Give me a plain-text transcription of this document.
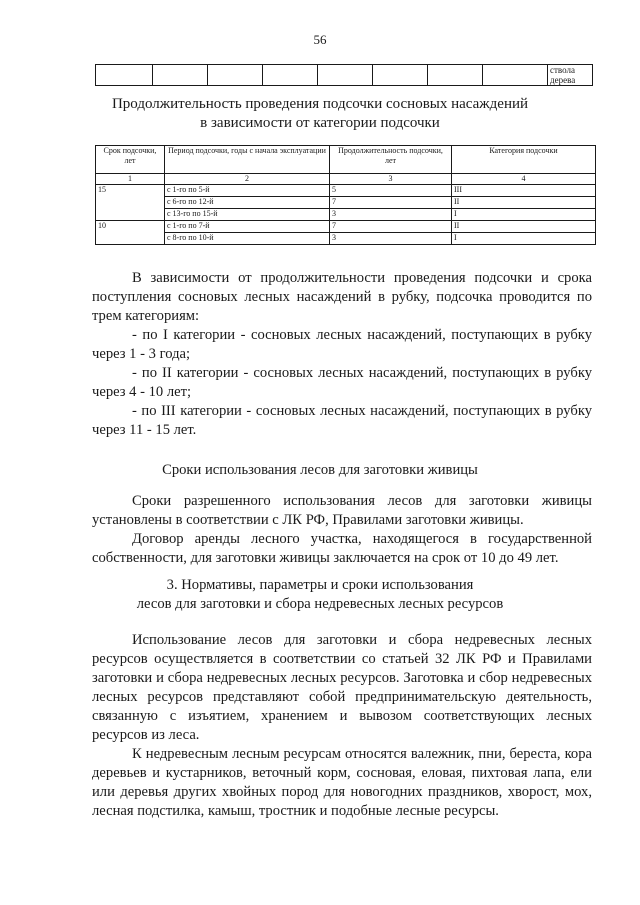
56
								ствола дерева
Продолжительность проведения подсочки сосновых насаждений
в зависимости от категории подсочки
Срок подсочки, лет	Период подсочки, годы с начала эксплуатации	Продолжительность подсочки, лет	Категория подсочки
1	2	3	4
15	с 1-го по 5-й	5	III
	с 6-го по 12-й	7	II
	с 13-го по 15-й	3	I
10	с 1-го по 7-й	7	II
	с 8-го по 10-й	3	I

В зависимости от продолжительности проведения подсочки и срока поступления сосновых лесных насаждений в рубку, подсочка проводится по трем категориям:

- по I категории - сосновых лесных насаждений, поступающих в рубку через 1 - 3 года;

- по II категории - сосновых лесных насаждений, поступающих в рубку через 4 - 10 лет;

- по III категории - сосновых лесных насаждений, поступающих в рубку через 11 - 15 лет.

Сроки использования лесов для заготовки живицы

Сроки разрешенного использования лесов для заготовки живицы установлены в соответствии с ЛК РФ, Правилами заготовки живицы.

Договор аренды лесного участка, находящегося в государственной собственности, для заготовки живицы заключается на срок от 10 до 49 лет.

3. Нормативы, параметры и сроки использования
лесов для заготовки и сбора недревесных лесных ресурсов

Использование лесов для заготовки и сбора недревесных лесных ресурсов осуществляется в соответствии со статьей 32 ЛК РФ и Правилами заготовки и сбора недревесных лесных ресурсов. Заготовка и сбор недревесных лесных ресурсов представляют собой предпринимательскую деятельность, связанную с изъятием, хранением и вывозом соответствующих лесных ресурсов из леса.

К недревесным лесным ресурсам относятся валежник, пни, береста, кора деревьев и кустарников, веточный корм, сосновая, еловая, пихтовая лапа, ели или деревья других хвойных пород для новогодних праздников, хворост, мох, лесная подстилка, камыш, тростник и подобные лесные ресурсы.
